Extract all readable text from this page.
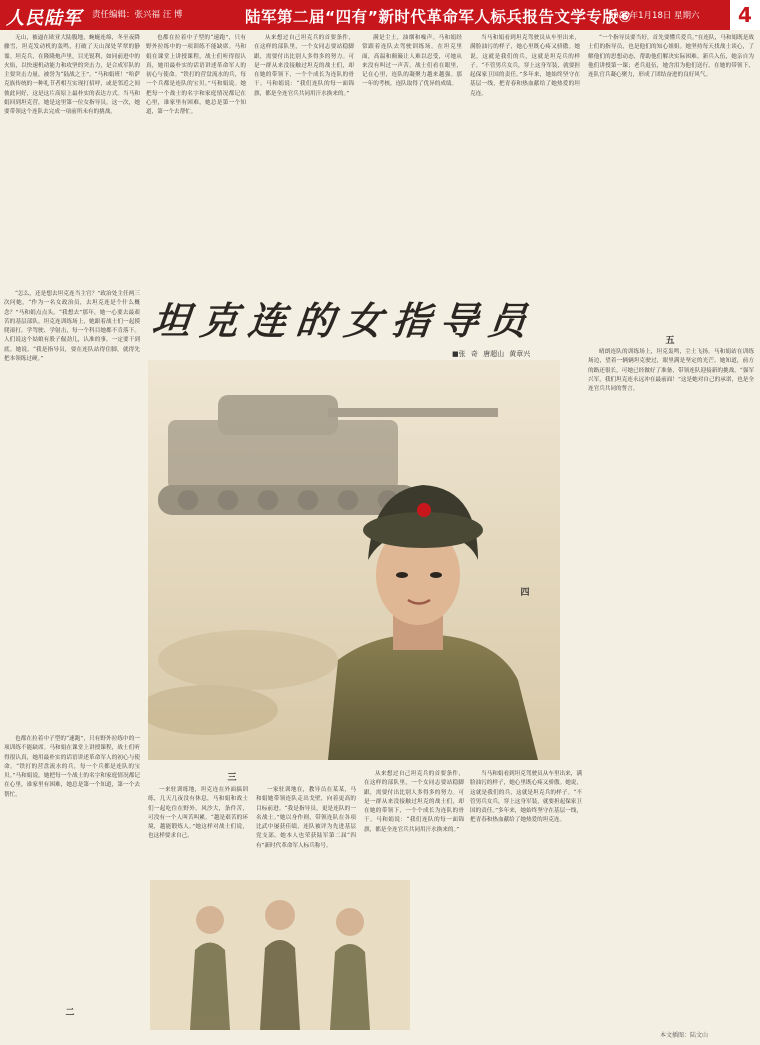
人民陆军 责任编辑：张兴福 汪 博	陆军第二届“四有”新时代革命军人标兵报告文学专版⑥
2020年1月18日 星期六	4

无山，被逼在欧亚大陆腹地，蜿蜒连绵，冬至夜降骤雪，坦克发动机的轰鸣，打破了天山深处苹翠的静谧。坦克兵，在隆隆炮声里，目光锐利，如同前进中的火焰，以快速机动能力和攻坚的突击力，是合成军队的主要突击力量。被誉为“陆战之王”。“马和娟班！”哈萨克族传统的一种礼节者相互实现打招呼，或是邻近之间彼此问好，这是这片高原上最朴实的表达方式。当马和娟回到坦克营，她是这里第一位女指导员。这一次，她要带领这个连队去完成一项前所未有的挑战。

“怎么，还是想去坦克连当主官？”政治处主任两三次问她，“作为一名女政治员，去坦克连是个什么概念？”马和娟点点头。“我想去”那年，她一心要去最艰苦的基层部队。坦克连训练场上，她跟着战士们一起摸爬滚打，学驾驶、学射击，每一个科目她都不肯落下。人们说这个姑娘有股子倔劲儿，认准的事，一定要干到底。她说，“我是指导员，要在连队站得住脚，就得先把本领练过硬。”

二

也都在拉着中子型的“速跑”，只有野外拉练中的一项训练不能缺席。马和娟在课堂上讲授课程，战士们听得很认真，她用最朴实的话语讲述革命军人的初心与使命。“铁打的营盘流水的兵，每一个兵都是连队的宝贝。”马和娟说。她把每一个战士的名字和家庭情况都记在心里，谁家里有困难，她总是第一个知道，第一个去帮忙。

也都在拉着中子型的“速跑”，只有野外拉练中的一项训练不能缺席。马和娟在课堂上讲授课程，战士们听得很认真，她用最朴实的话语讲述革命军人的初心与使命。“铁打的营盘流水的兵，每一个兵都是连队的宝贝。”马和娟说。她把每一个战士的名字和家庭情况都记在心里，谁家里有困难，她总是第一个知道，第一个去帮忙。

从来想过自己坦克兵的首要条件，在这样的部队里，一个女同志要站稳脚跟，需要付出比别人多得多的努力。可是一群从来没接触过坦克的战士们，却在她的带领下，一个个成长为连队的骨干。马和娟说：“我们连队的每一面锦旗，都是全连官兵共同用汗水换来的。”

满是尘土，油烟和噪声。马和娟经常跟着连队去驾驶训练场。在坦克里面，高温和颠簸让人难以忍受，可她从来没有叫过一声苦。战士们看在眼里，记在心里，连队的凝聚力越来越强。那一年的考核，连队取得了优异的成绩。

当马和娟看到坦克驾驶员从车里出来，满脸油污的样子，她心里既心疼又骄傲。她说，这就是我们的兵，这就是坦克兵的样子。“不管男兵女兵，穿上这身军装，就要担起保家卫国的责任。”多年来，她始终坚守在基层一线，把青春和热血献给了她热爱的坦克连。

“一个指导员要当好，首先要懂兵爱兵。”在连队，马和娟既是战士们的指导员，也是他们的知心姐姐。她坚持每天找战士谈心，了解他们的思想动态，帮助他们解决实际困难。新兵入伍，她亲自为他们讲授第一课；老兵退伍，她含泪为他们送行。在她的带领下，连队官兵凝心聚力，形成了团结奋进的良好风气。

五

晴朗连队的训练场上，坦克轰鸣，尘土飞扬。马和娟站在训练场边，望着一辆辆坦克驶过，眼里满是坚定的光芒。她知道，前方的路还很长，可她已经做好了准备，带领连队迎接新的挑战。“强军兴军，我们坦克连永远冲在最前面！”这是她对自己的承诺，也是全连官兵共同的誓言。

坦克连的女指导员
■张 奇 唐超山 黄章兴
三

一来驻训练地，坦克连在外面搞训练，几天几夜没有休息，马和娟和战士们一起吃住在野外。风沙大，条件苦，可没有一个人叫苦叫累。“越是艰苦的环境，越能锻炼人。”她这样对战士们说，也这样要求自己。

一家驻训地在，教导员在某某，马和娟她带领连队走出戈壁，向着更高的目标前进。“我是指导员，更是连队的一名战士。”她以身作则，带领连队在各项比武中屡获佳绩，连队被评为先进基层党支部。她本人也荣获陆军第二届“四有”新时代革命军人标兵称号。

从来想过自己坦克兵的首要条件，在这样的部队里，一个女同志要站稳脚跟，需要付出比别人多得多的努力。可是一群从来没接触过坦克的战士们，却在她的带领下，一个个成长为连队的骨干。马和娟说：“我们连队的每一面锦旗，都是全连官兵共同用汗水换来的。”

四

当马和娟看到坦克驾驶员从车里出来，满脸油污的样子，她心里既心疼又骄傲。她说，这就是我们的兵，这就是坦克兵的样子。“不管男兵女兵，穿上这身军装，就要担起保家卫国的责任。”多年来，她始终坚守在基层一线，把青春和热血献给了她热爱的坦克连。

本文插图：陆文山
